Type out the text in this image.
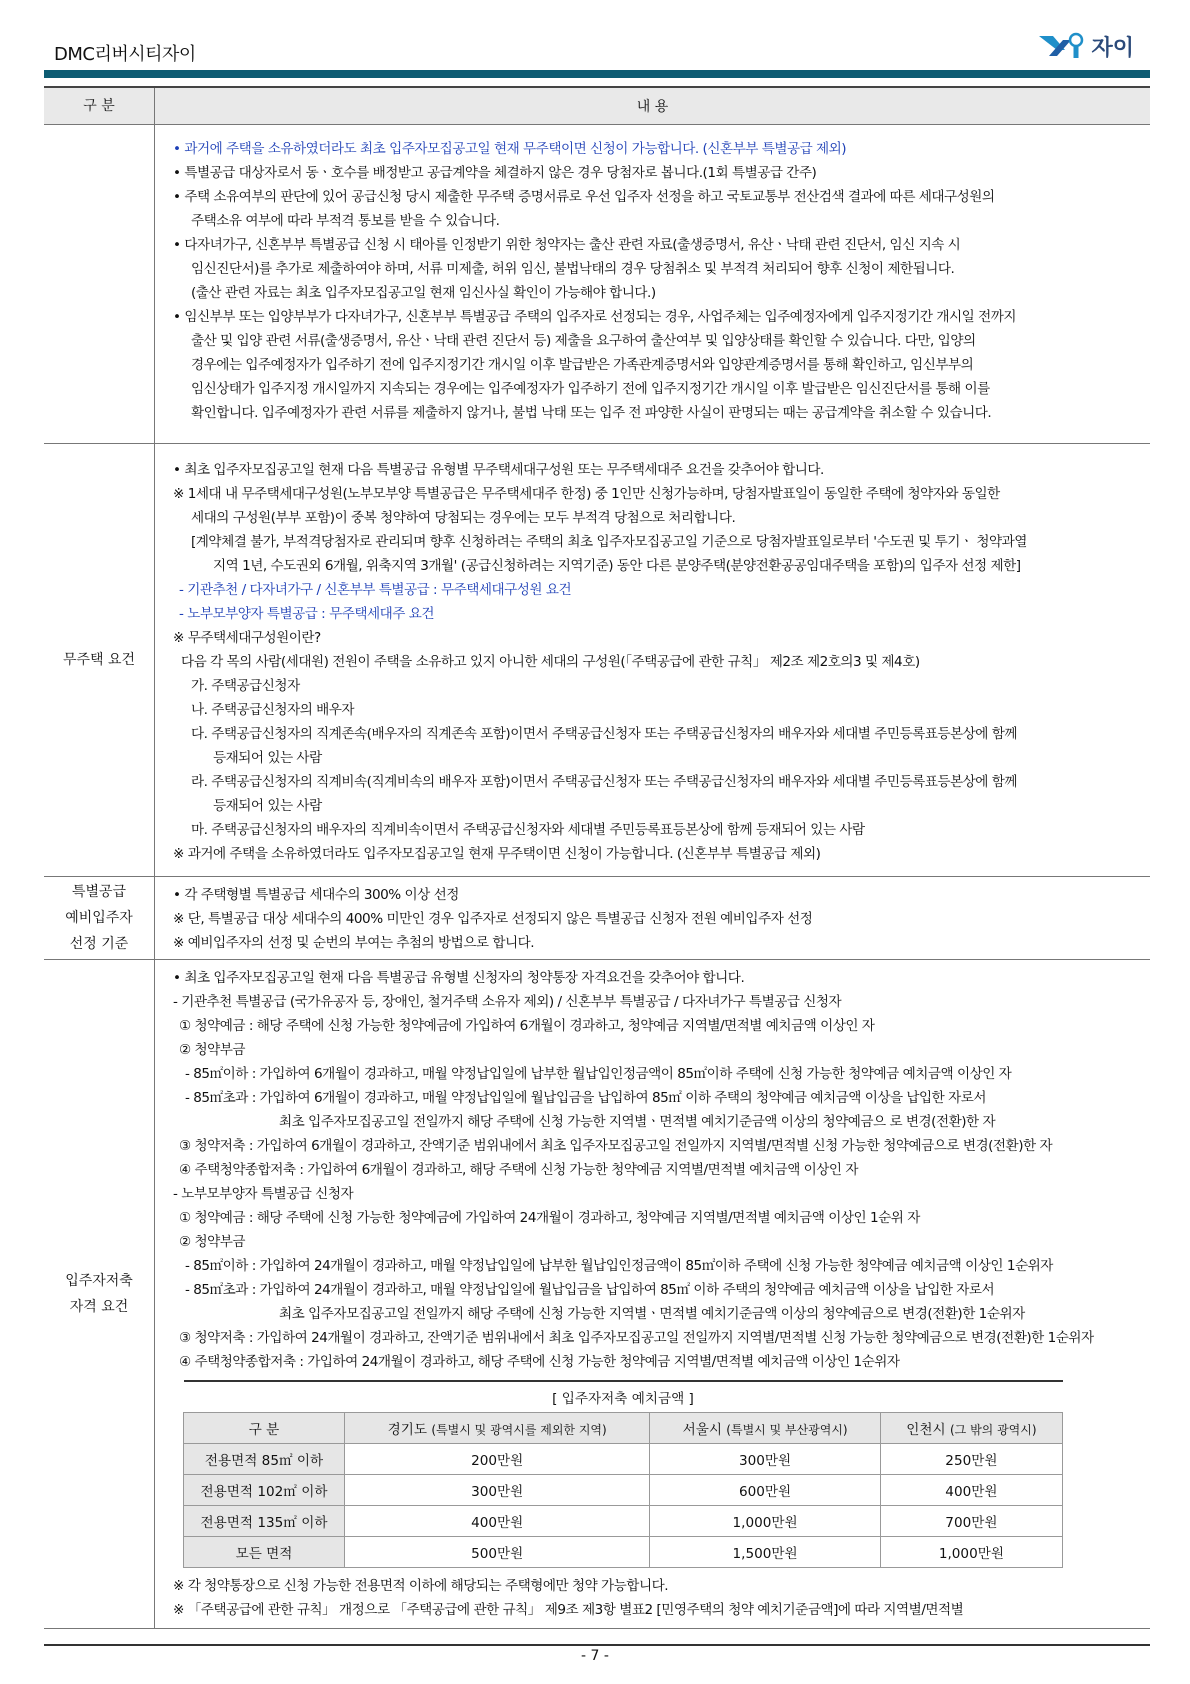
DMC리버시티자이	자이
구 분	내 용

• 과거에 주택을 소유하였더라도 최초 입주자모집공고일 현재 무주택이면 신청이 가능합니다. (신혼부부 특별공급 제외)
• 특별공급 대상자로서 동ㆍ호수를 배정받고 공급계약을 체결하지 않은 경우 당첨자로 봅니다.(1회 특별공급 간주)
• 주택 소유여부의 판단에 있어 공급신청 당시 제출한 무주택 증명서류로 우선 입주자 선정을 하고 국토교통부 전산검색 결과에 따른 세대구성원의
주택소유 여부에 따라 부적격 통보를 받을 수 있습니다.
• 다자녀가구, 신혼부부 특별공급 신청 시 태아를 인정받기 위한 청약자는 출산 관련 자료(출생증명서, 유산ㆍ낙태 관련 진단서, 임신 지속 시
임신진단서)를 추가로 제출하여야 하며, 서류 미제출, 허위 임신, 불법낙태의 경우 당첨취소 및 부적격 처리되어 향후 신청이 제한됩니다.
(출산 관련 자료는 최초 입주자모집공고일 현재 임신사실 확인이 가능해야 합니다.)
• 임신부부 또는 입양부부가 다자녀가구, 신혼부부 특별공급 주택의 입주자로 선정되는 경우, 사업주체는 입주예정자에게 입주지정기간 개시일 전까지
출산 및 입양 관련 서류(출생증명서, 유산ㆍ낙태 관련 진단서 등) 제출을 요구하여 출산여부 및 입양상태를 확인할 수 있습니다. 다만, 입양의
경우에는 입주예정자가 입주하기 전에 입주지정기간 개시일 이후 발급받은 가족관계증명서와 입양관계증명서를 통해 확인하고, 임신부부의
임신상태가 입주지정 개시일까지 지속되는 경우에는 입주예정자가 입주하기 전에 입주지정기간 개시일 이후 발급받은 임신진단서를 통해 이를
확인합니다. 입주예정자가 관련 서류를 제출하지 않거나, 불법 낙태 또는 입주 전 파양한 사실이 판명되는 때는 공급계약을 취소할 수 있습니다.

무주택 요건	
• 최초 입주자모집공고일 현재 다음 특별공급 유형별 무주택세대구성원 또는 무주택세대주 요건을 갖추어야 합니다.
※ 1세대 내 무주택세대구성원(노부모부양 특별공급은 무주택세대주 한정) 중 1인만 신청가능하며, 당첨자발표일이 동일한 주택에 청약자와 동일한
세대의 구성원(부부 포함)이 중복 청약하여 당첨되는 경우에는 모두 부적격 당첨으로 처리합니다.
[계약체결 불가, 부적격당첨자로 관리되며 향후 신청하려는 주택의 최초 입주자모집공고일 기준으로 당첨자발표일로부터 '수도권 및 투기ㆍ 청약과열
지역 1년, 수도권외 6개월, 위축지역 3개월' (공급신청하려는 지역기준) 동안 다른 분양주택(분양전환공공임대주택을 포함)의 입주자 선정 제한]
- 기관추천 / 다자녀가구 / 신혼부부 특별공급 : 무주택세대구성원 요건
- 노부모부양자 특별공급 : 무주택세대주 요건
※ 무주택세대구성원이란?
다음 각 목의 사람(세대원) 전원이 주택을 소유하고 있지 아니한 세대의 구성원(「주택공급에 관한 규칙」 제2조 제2호의3 및 제4호)
가. 주택공급신청자
나. 주택공급신청자의 배우자
다. 주택공급신청자의 직계존속(배우자의 직계존속 포함)이면서 주택공급신청자 또는 주택공급신청자의 배우자와 세대별 주민등록표등본상에 함께
등재되어 있는 사람
라. 주택공급신청자의 직계비속(직계비속의 배우자 포함)이면서 주택공급신청자 또는 주택공급신청자의 배우자와 세대별 주민등록표등본상에 함께
등재되어 있는 사람
마. 주택공급신청자의 배우자의 직계비속이면서 주택공급신청자와 세대별 주민등록표등본상에 함께 등재되어 있는 사람
※ 과거에 주택을 소유하였더라도 입주자모집공고일 현재 무주택이면 신청이 가능합니다. (신혼부부 특별공급 제외)

특별공급
예비입주자
선정 기준

• 각 주택형별 특별공급 세대수의 300% 이상 선정
※ 단, 특별공급 대상 세대수의 400% 미만인 경우 입주자로 선정되지 않은 특별공급 신청자 전원 예비입주자 선정
※ 예비입주자의 선정 및 순번의 부여는 추첨의 방법으로 합니다.

입주자저축
자격 요건

• 최초 입주자모집공고일 현재 다음 특별공급 유형별 신청자의 청약통장 자격요건을 갖추어야 합니다.
- 기관추천 특별공급 (국가유공자 등, 장애인, 철거주택 소유자 제외) / 신혼부부 특별공급 / 다자녀가구 특별공급 신청자
① 청약예금 : 해당 주택에 신청 가능한 청약예금에 가입하여 6개월이 경과하고, 청약예금 지역별/면적별 예치금액 이상인 자
② 청약부금
- 85㎡이하 : 가입하여 6개월이 경과하고, 매월 약정납입일에 납부한 월납입인정금액이 85㎡이하 주택에 신청 가능한 청약예금 예치금액 이상인 자
- 85㎡초과 : 가입하여 6개월이 경과하고, 매월 약정납입일에 월납입금을 납입하여 85㎡ 이하 주택의 청약예금 예치금액 이상을 납입한 자로서
최초 입주자모집공고일 전일까지 해당 주택에 신청 가능한 지역별ㆍ면적별 예치기준금액 이상의 청약예금으 로 변경(전환)한 자
③ 청약저축 : 가입하여 6개월이 경과하고, 잔액기준 범위내에서 최초 입주자모집공고일 전일까지 지역별/면적별 신청 가능한 청약예금으로 변경(전환)한 자
④ 주택청약종합저축 : 가입하여 6개월이 경과하고, 해당 주택에 신청 가능한 청약예금 지역별/면적별 예치금액 이상인 자
- 노부모부양자 특별공급 신청자
① 청약예금 : 해당 주택에 신청 가능한 청약예금에 가입하여 24개월이 경과하고, 청약예금 지역별/면적별 예치금액 이상인 1순위 자
② 청약부금
- 85㎡이하 : 가입하여 24개월이 경과하고, 매월 약정납입일에 납부한 월납입인정금액이 85㎡이하 주택에 신청 가능한 청약예금 예치금액 이상인 1순위자
- 85㎡초과 : 가입하여 24개월이 경과하고, 매월 약정납입일에 월납입금을 납입하여 85㎡ 이하 주택의 청약예금 예치금액 이상을 납입한 자로서
최초 입주자모집공고일 전일까지 해당 주택에 신청 가능한 지역별ㆍ면적별 예치기준금액 이상의 청약예금으로 변경(전환)한 1순위자
③ 청약저축 : 가입하여 24개월이 경과하고, 잔액기준 범위내에서 최초 입주자모집공고일 전일까지 지역별/면적별 신청 가능한 청약예금으로 변경(전환)한 1순위자
④ 주택청약종합저축 : 가입하여 24개월이 경과하고, 해당 주택에 신청 가능한 청약예금 지역별/면적별 예치금액 이상인 1순위자
[ 입주자저축 예치금액 ]
구 분	경기도 (특별시 및 광역시를 제외한 지역)	서울시 (특별시 및 부산광역시)	인천시 (그 밖의 광역시)
전용면적 85㎡ 이하	200만원	300만원	250만원
전용면적 102㎡ 이하	300만원	600만원	400만원
전용면적 135㎡ 이하	400만원	1,000만원	700만원
모든 면적	500만원	1,500만원	1,000만원
※ 각 청약통장으로 신청 가능한 전용면적 이하에 해당되는 주택형에만 청약 가능합니다.
※ 「주택공급에 관한 규칙」 개정으로 「주택공급에 관한 규칙」 제9조 제3항 별표2 [민영주택의 청약 예치기준금액]에 따라 지역별/면적별
- 7 -
